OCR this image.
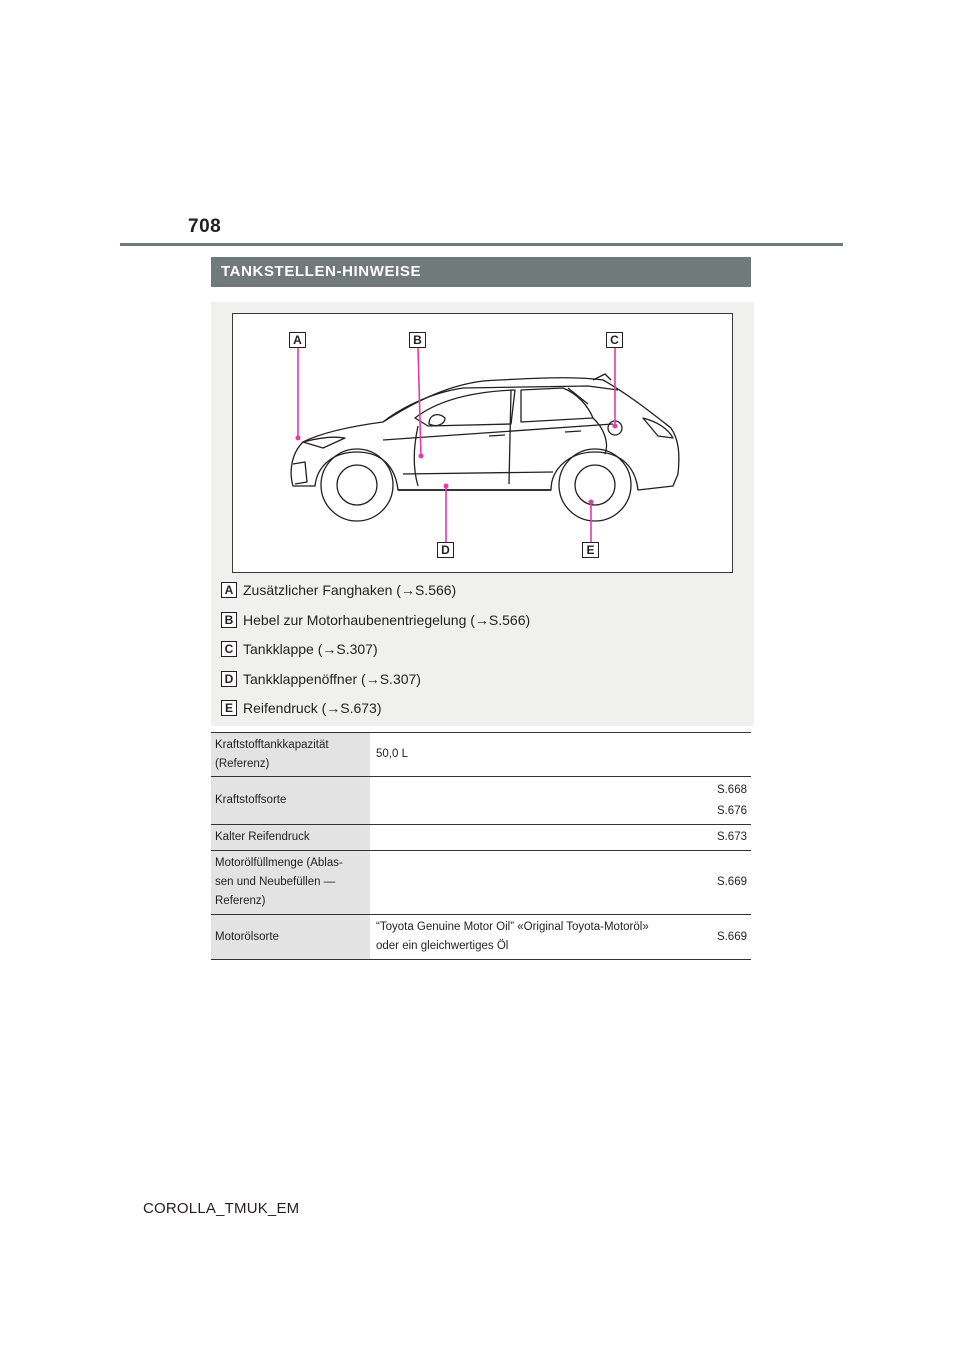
708
TANKSTELLEN-HINWEISE
A	B	C
D	E
A Zusätzlicher Fanghaken (→S.566)
B Hebel zur Motorhaubenentriegelung (→S.566)
C Tankklappe (→S.307)
D Tankklappenöffner (→S.307)
E Reifendruck (→S.673)
Kraftstofftankkapazität
(Referenz)	50,0 L	
Kraftstoffsorte		S.668
S.676

Kalter Reifendruck		S.673

Motorölfüllmenge (Ablas-
sen und Neubefüllen —
Referenz)		S.669
Motorölsorte	“Toyota Genuine Motor Oil” «Original Toyota-Motoröl»
oder ein gleichwertiges Öl	S.669
COROLLA_TMUK_EM
